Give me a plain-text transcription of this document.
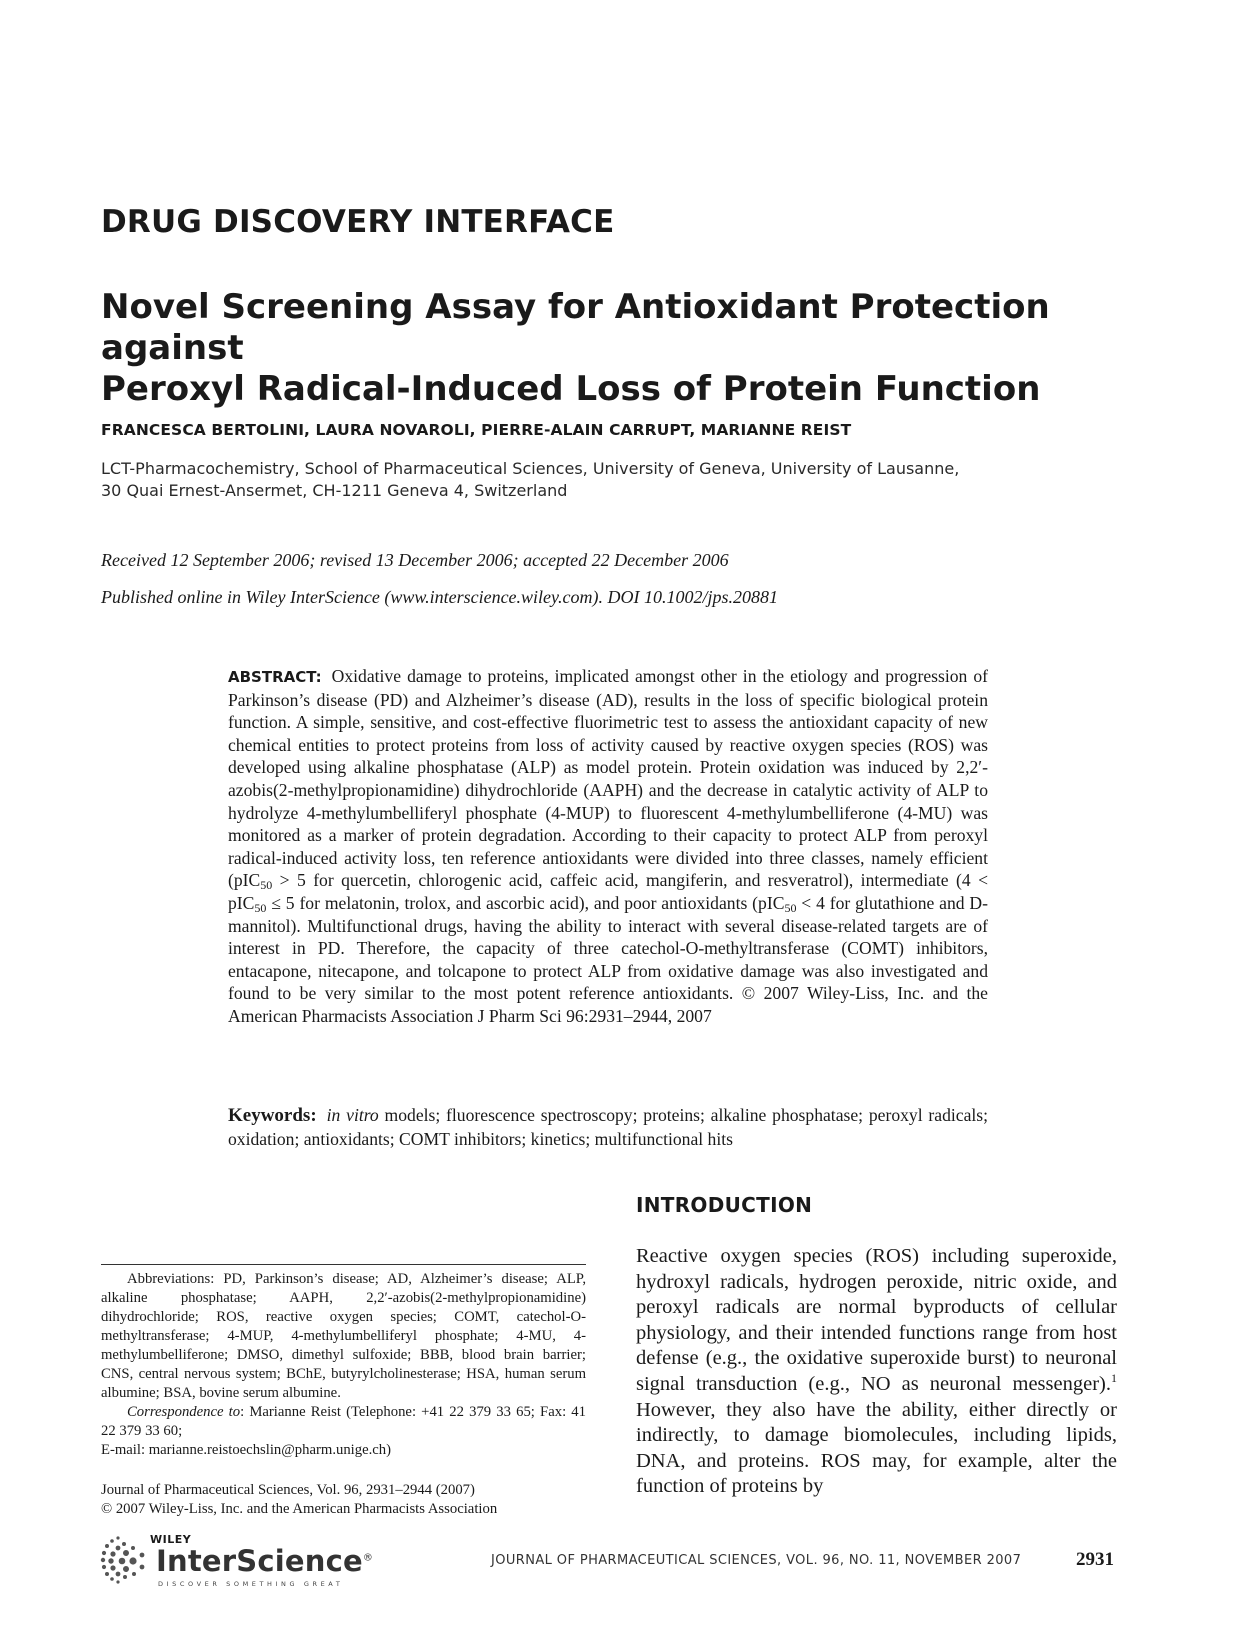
DRUG DISCOVERY INTERFACE
Novel Screening Assay for Antioxidant Protection against
Peroxyl Radical-Induced Loss of Protein Function
FRANCESCA BERTOLINI, LAURA NOVAROLI, PIERRE-ALAIN CARRUPT, MARIANNE REIST
LCT-Pharmacochemistry, School of Pharmaceutical Sciences, University of Geneva, University of Lausanne,
30 Quai Ernest-Ansermet, CH-1211 Geneva 4, Switzerland
Received 12 September 2006; revised 13 December 2006; accepted 22 December 2006
Published online in Wiley InterScience (www.interscience.wiley.com). DOI 10.1002/jps.20881
ABSTRACT: Oxidative damage to proteins, implicated amongst other in the etiology and progression of Parkinson’s disease (PD) and Alzheimer’s disease (AD), results in the loss of specific biological protein function. A simple, sensitive, and cost-effective fluorimetric test to assess the antioxidant capacity of new chemical entities to protect proteins from loss of activity caused by reactive oxygen species (ROS) was developed using alkaline phosphatase (ALP) as model protein. Protein oxidation was induced by 2,2′-azobis(2-methylpropionamidine) dihydrochloride (AAPH) and the decrease in catalytic activity of ALP to hydrolyze 4-methylumbelliferyl phosphate (4-MUP) to fluorescent 4-methylumbelliferone (4-MU) was monitored as a marker of protein degradation. According to their capacity to protect ALP from peroxyl radical-induced activity loss, ten reference antioxidants were divided into three classes, namely efficient (pIC$_{50}$ > 5 for quercetin, chlorogenic acid, caffeic acid, mangiferin, and resveratrol), intermediate (4 < pIC$_{50}$ ≤ 5 for melatonin, trolox, and ascorbic acid), and poor antioxidants (pIC$_{50}$ < 4 for glutathione and D-mannitol). Multifunctional drugs, having the ability to interact with several disease-related targets are of interest in PD. Therefore, the capacity of three catechol-O-methyltransferase (COMT) inhibitors, entacapone, nitecapone, and tolcapone to protect ALP from oxidative damage was also investigated and found to be very similar to the most potent reference antioxidants. © 2007 Wiley-Liss, Inc. and the American Pharmacists Association J Pharm Sci 96:2931–2944, 2007
Keywords: in vitro models; fluorescence spectroscopy; proteins; alkaline phosphatase; peroxyl radicals; oxidation; antioxidants; COMT inhibitors; kinetics; multifunctional hits
INTRODUCTION
Reactive oxygen species (ROS) including superoxide, hydroxyl radicals, hydrogen peroxide, nitric oxide, and peroxyl radicals are normal byproducts of cellular physiology, and their intended functions range from host defense (e.g., the oxidative superoxide burst) to neuronal signal transduction (e.g., NO as neuronal messenger).$^1$ However, they also have the ability, either directly or indirectly, to damage biomolecules, including lipids, DNA, and proteins. ROS may, for example, alter the function of proteins by

Abbreviations: PD, Parkinson’s disease; AD, Alzheimer’s disease; ALP, alkaline phosphatase; AAPH, 2,2′-azobis(2-methylpropionamidine) dihydrochloride; ROS, reactive oxygen species; COMT, catechol-O-methyltransferase; 4-MUP, 4-methylumbelliferyl phosphate; 4-MU, 4-methylumbelliferone; DMSO, dimethyl sulfoxide; BBB, blood brain barrier; CNS, central nervous system; BChE, butyrylcholinesterase; HSA, human serum albumine; BSA, bovine serum albumine.

Correspondence to: Marianne Reist (Telephone: +41 22 379 33 65; Fax: 41 22 379 33 60;

E-mail: marianne.reistoechslin@pharm.unige.ch)
Journal of Pharmaceutical Sciences, Vol. 96, 2931–2944 (2007)
© 2007 Wiley-Liss, Inc. and the American Pharmacists Association
WILEY
InterScience®
DISCOVER SOMETHING GREAT
JOURNAL OF PHARMACEUTICAL SCIENCES, VOL. 96, NO. 11, NOVEMBER 2007	2931
